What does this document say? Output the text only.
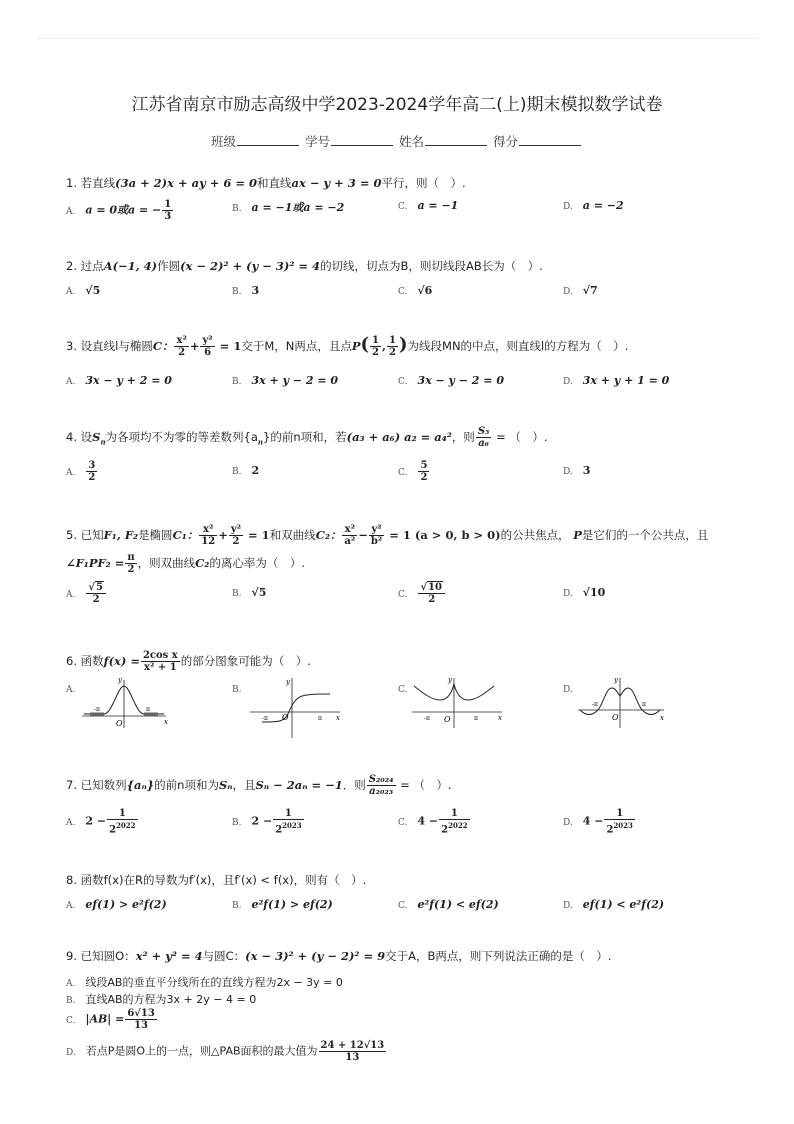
江苏省南京市励志高级中学2023-2024学年高二(上)期末模拟数学试卷
班级	学号	姓名	得分
1. 若直线(3a + 2)x + ay + 6 = 0和直线ax − y + 3 = 0平行，则（　）.
A. a = 0或a = − $\frac{1}{3}$	B. a = −1或a = −2	C. a = −1	D. a = −2
2. 过点A(−1, 4)作圆(x − 2)² + (y − 3)² = 4的切线，切点为B，则切线段AB长为（　）.
A. √5	B. 3	C. √6	D. √7
3. 设直线l与椭圆C： $\frac{\text{x²}}{2} + \frac{\text{y²}}{6} = 1$交于M，N两点，且点$P( \frac{1}{2}$ , $\frac{1}{2}$ )为线段MN的中点，则直线l的方程为（　）.
A. 3x − y + 2 = 0	B. 3x + y − 2 = 0	C. 3x − y − 2 = 0	D. 3x + y + 1 = 0
4. 设$S_n$为各项均不为零的等差数列$\{a_n\}$的前n项和，若(a₃ + a₆) a₂ = a₄²，则 $\frac{\text{S₅}}{\text{a₆}}$ = （　）.
A. $\frac{3}{2}$	B. 2	C. $\frac{5}{2}$	D. 3
5. 已知F₁, F₂是椭圆C₁： $\frac{\text{x²}}{12} + \frac{\text{y²}}{2} = 1$和双曲线C₂： $\frac{\text{x²}}{\text{a²}} - \frac{\text{y²}}{\text{b²}} = 1$ (a > 0, b > 0)的公共焦点， P是它们的一个公共点，且
∠F₁PF₂ = $\frac{\pi}{2}$ ，则双曲线C₂的离心率为（　）.
A. $\frac{√5}{2}$	B. √5	C. $\frac{√10}{2}$	D. √10
6. 函数$f(x) = \frac{\text{2cos x}}{\text{x² + 1}}$ 的部分图象可能为（　）.
A.
y
x
O
-π	π
B.
y
x
O
-π	π
C.
y
x
O
-π	π
D.
y
x
O
-π	π
7. 已知数列{aₙ}的前n项和为Sₙ，且Sₙ − 2aₙ = −1．则 $\frac{\text{S₂₀₂₄}}{\text{a₂₀₂₃}}$ = （　）.
A. $2 - \frac{1}{2^{2022}}$	B. $2 - \frac{1}{2^{2023}}$	C. $4 - \frac{1}{2^{2022}}$	D. $4 - \frac{1}{2^{2023}}$
8. 函数f(x)在R的导数为f′(x)，且f′(x) < f(x)，则有（　）.
A. ef(1) > e²f(2)	B. e²f(1) > ef(2)	C. e²f(1) < ef(2)	D. ef(1) < e²f(2)
9. 已知圆O：x² + y² = 4与圆C：(x − 3)² + (y − 2)² = 9交于A，B两点，则下列说法正确的是（　）.
A. 线段AB的垂直平分线所在的直线方程为2x − 3y = 0
B. 直线AB的方程为3x + 2y − 4 = 0
C. $|AB| = \frac{6√13}{13}$
D. 若点P是圆O上的一点，则△PAB面积的最大值为 $\frac{24 + 12√13}{13}$
